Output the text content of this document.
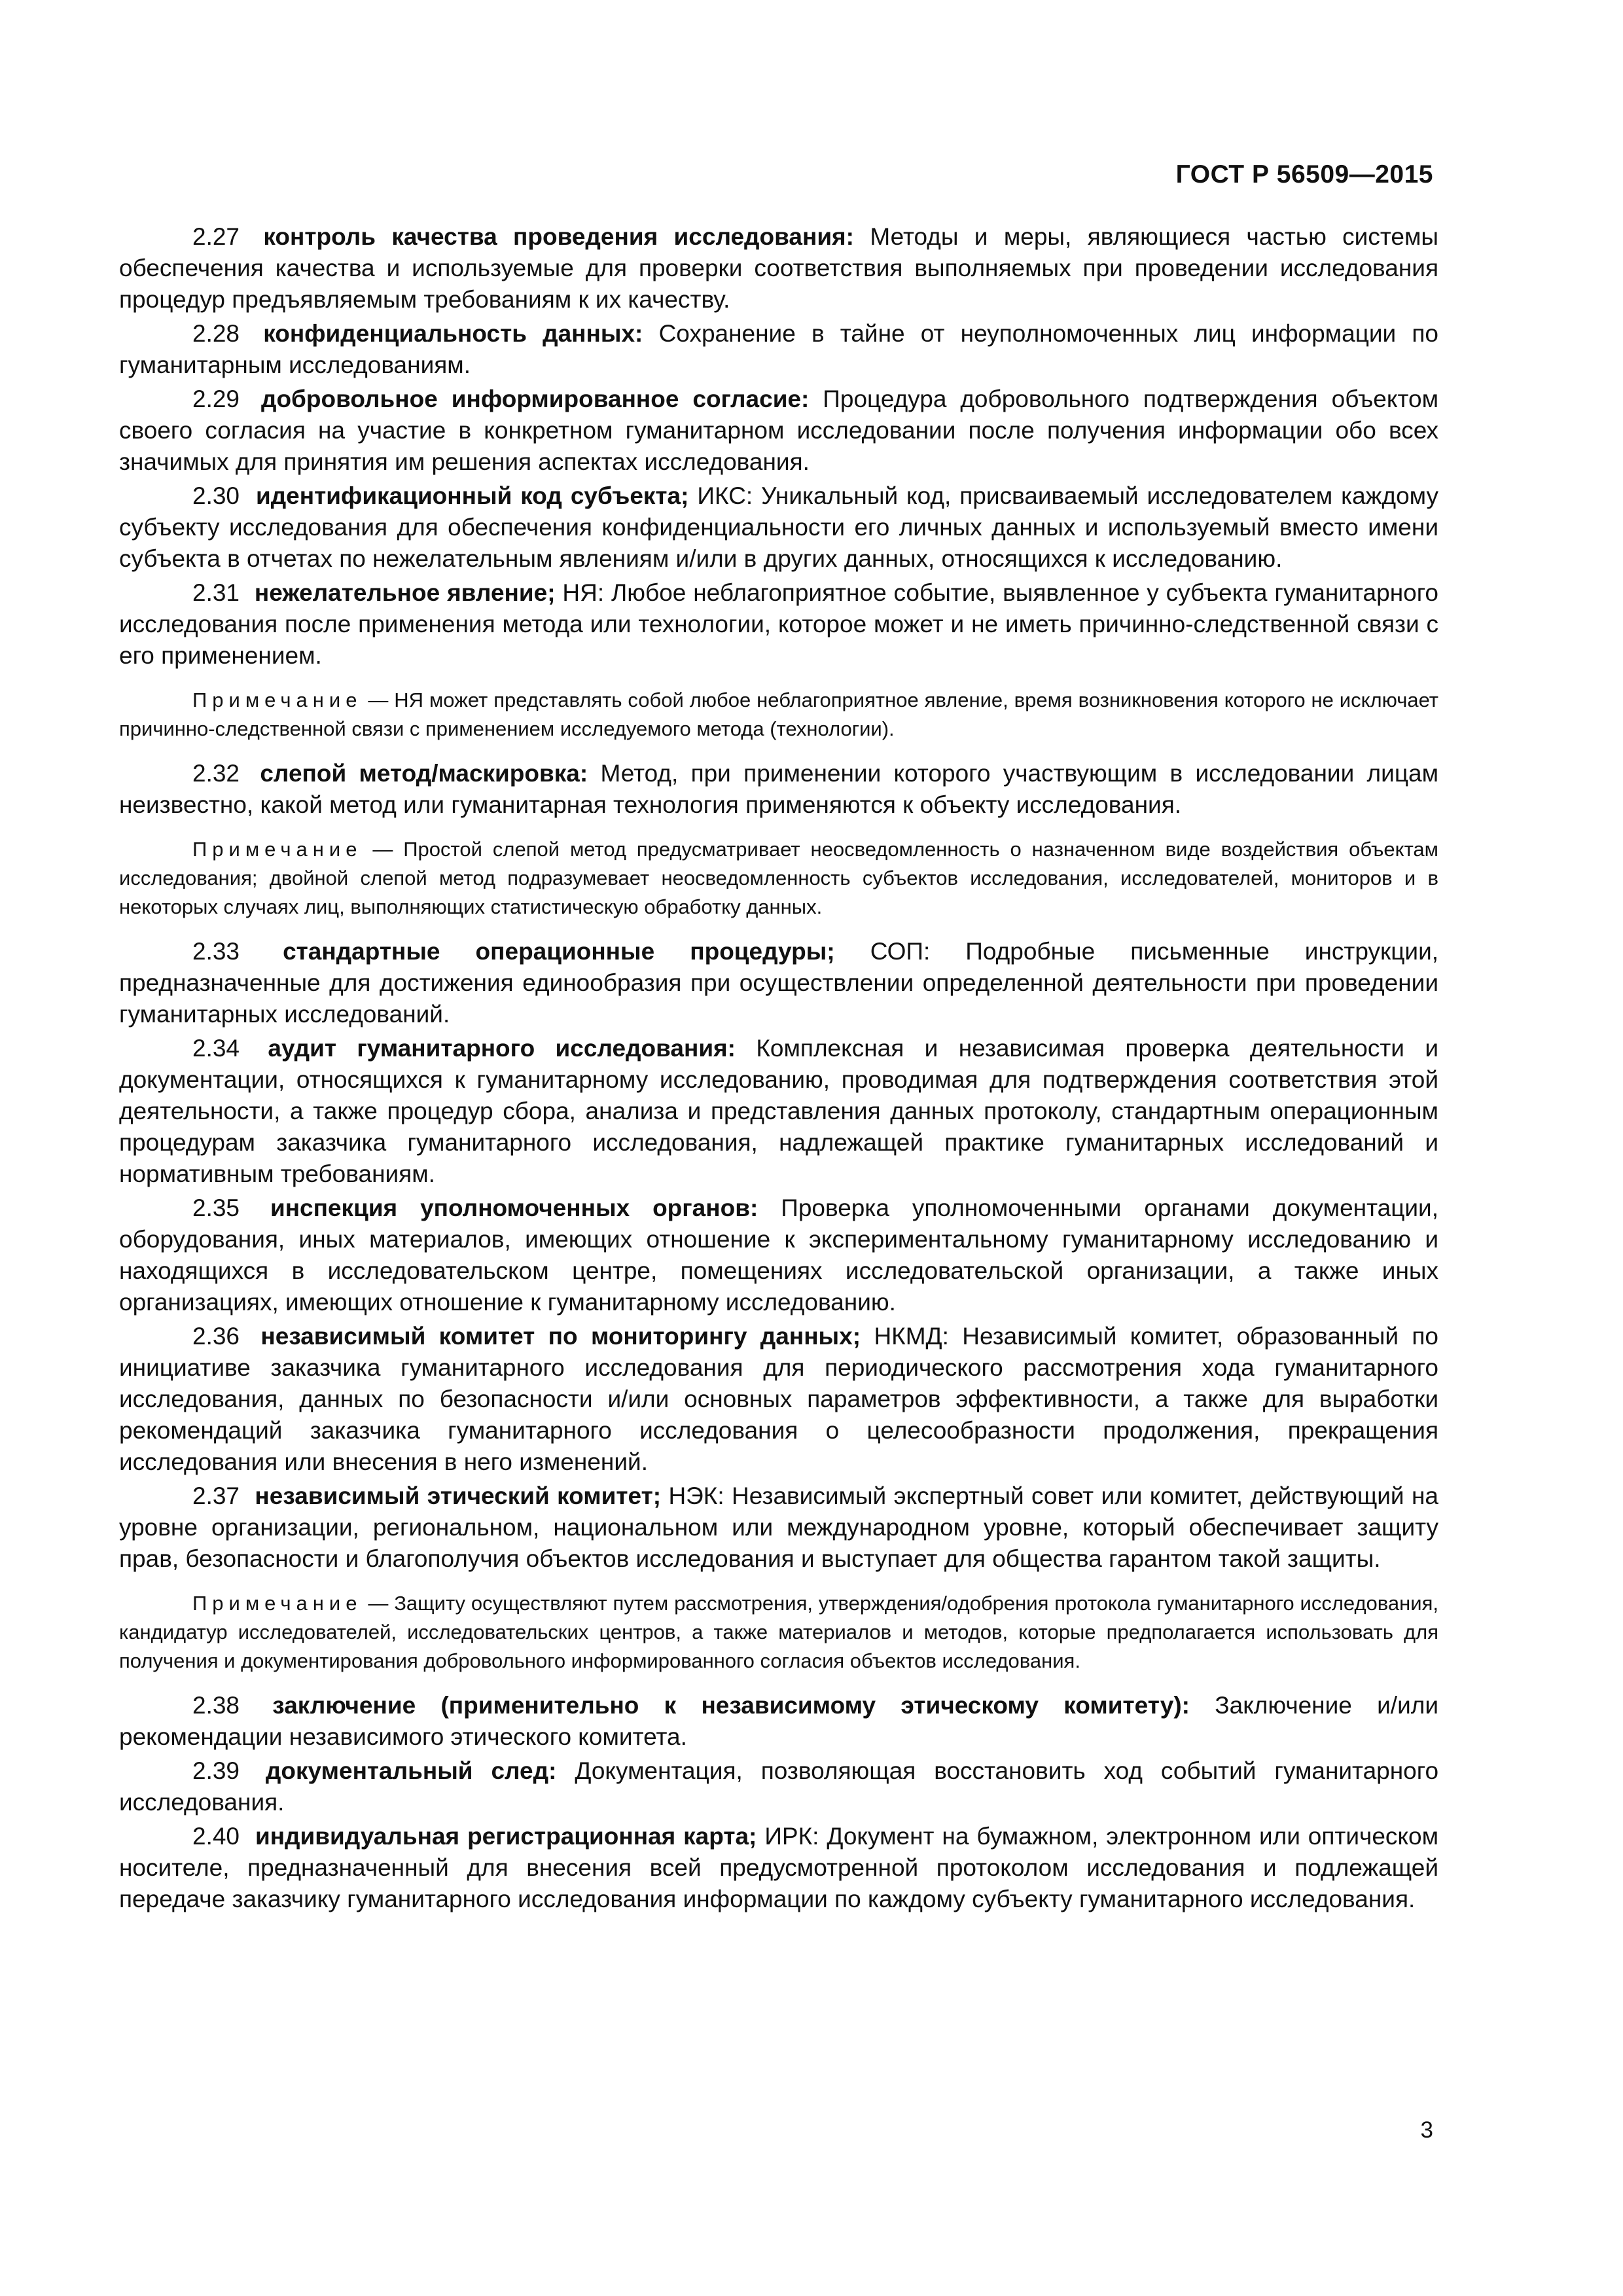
ГОСТ Р 56509—2015

2.27 контроль качества проведения исследования: Методы и меры, являющиеся частью системы обеспечения качества и используемые для проверки соответствия выполняемых при проведении исследования процедур предъявляемым требованиям к их качеству.

2.28 конфиденциальность данных: Сохранение в тайне от неуполномоченных лиц информации по гуманитарным исследованиям.

2.29 добровольное информированное согласие: Процедура добровольного подтверждения объектом своего согласия на участие в конкретном гуманитарном исследовании после получения информации обо всех значимых для принятия им решения аспектах исследования.

2.30 идентификационный код субъекта; ИКС: Уникальный код, присваиваемый исследователем каждому субъекту исследования для обеспечения конфиденциальности его личных данных и используемый вместо имени субъекта в отчетах по нежелательным явлениям и/или в других данных, относящихся к исследованию.

2.31 нежелательное явление; НЯ: Любое неблагоприятное событие, выявленное у субъекта гуманитарного исследования после применения метода или технологии, которое может и не иметь причинно-следственной связи с его применением.

Примечание — НЯ может представлять собой любое неблагоприятное явление, время возникновения которого не исключает причинно-следственной связи с применением исследуемого метода (технологии).

2.32 слепой метод/маскировка: Метод, при применении которого участвующим в исследовании лицам неизвестно, какой метод или гуманитарная технология применяются к объекту исследования.

Примечание — Простой слепой метод предусматривает неосведомленность о назначенном виде воздействия объектам исследования; двойной слепой метод подразумевает неосведомленность субъектов исследования, исследователей, мониторов и в некоторых случаях лиц, выполняющих статистическую обработку данных.

2.33 стандартные операционные процедуры; СОП: Подробные письменные инструкции, предназначенные для достижения единообразия при осуществлении определенной деятельности при проведении гуманитарных исследований.

2.34 аудит гуманитарного исследования: Комплексная и независимая проверка деятельности и документации, относящихся к гуманитарному исследованию, проводимая для подтверждения соответствия этой деятельности, а также процедур сбора, анализа и представления данных протоколу, стандартным операционным процедурам заказчика гуманитарного исследования, надлежащей практике гуманитарных исследований и нормативным требованиям.

2.35 инспекция уполномоченных органов: Проверка уполномоченными органами документации, оборудования, иных материалов, имеющих отношение к экспериментальному гуманитарному исследованию и находящихся в исследовательском центре, помещениях исследовательской организации, а также иных организациях, имеющих отношение к гуманитарному исследованию.

2.36 независимый комитет по мониторингу данных; НКМД: Независимый комитет, образованный по инициативе заказчика гуманитарного исследования для периодического рассмотрения хода гуманитарного исследования, данных по безопасности и/или основных параметров эффективности, а также для выработки рекомендаций заказчика гуманитарного исследования о целесообразности продолжения, прекращения исследования или внесения в него изменений.

2.37 независимый этический комитет; НЭК: Независимый экспертный совет или комитет, действующий на уровне организации, региональном, национальном или международном уровне, который обеспечивает защиту прав, безопасности и благополучия объектов исследования и выступает для общества гарантом такой защиты.

Примечание — Защиту осуществляют путем рассмотрения, утверждения/одобрения протокола гуманитарного исследования, кандидатур исследователей, исследовательских центров, а также материалов и методов, которые предполагается использовать для получения и документирования добровольного информированного согласия объектов исследования.

2.38 заключение (применительно к независимому этическому комитету): Заключение и/или рекомендации независимого этического комитета.

2.39 документальный след: Документация, позволяющая восстановить ход событий гуманитарного исследования.

2.40 индивидуальная регистрационная карта; ИРК: Документ на бумажном, электронном или оптическом носителе, предназначенный для внесения всей предусмотренной протоколом исследования и подлежащей передаче заказчику гуманитарного исследования информации по каждому субъекту гуманитарного исследования.

3
